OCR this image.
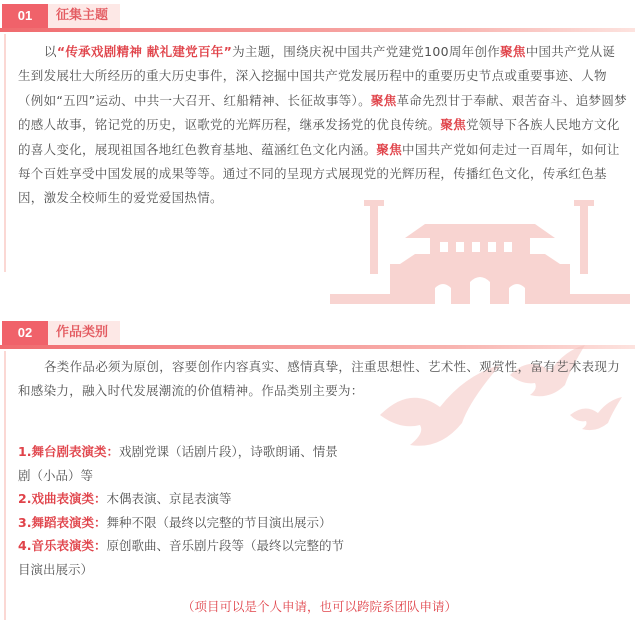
01	征集主题

以“传承戏剧精神 献礼建党百年”为主题，围绕庆祝中国共产党建党100周年创作聚焦中国共产党从诞生到发展壮大所经历的重大历史事件，深入挖掘中国共产党发展历程中的重要历史节点或重要事迹、人物（例如“五四”运动、中共一大召开、红船精神、长征故事等）。聚焦革命先烈甘于奉献、艰苦奋斗、追梦圆梦的感人故事，铭记党的历史，讴歌党的光辉历程，继承发扬党的优良传统。聚焦党领导下各族人民地方文化的喜人变化，展现祖国各地红色教育基地、蕴涵红色文化内涵。聚焦中国共产党如何走过一百周年，如何让每个百姓享受中国发展的成果等等。通过不同的呈现方式展现党的光辉历程，传播红色文化，传承红色基因，激发全校师生的爱党爱国热情。

02	作品类别

各类作品必须为原创，容要创作内容真实、感情真挚，注重思想性、艺术性、观赏性，富有艺术表现力和感染力，融入时代发展潮流的价值精神。作品类别主要为：

1.舞台剧表演类：戏剧党课（话剧片段），诗歌朗诵、情景剧（小品）等
2.戏曲表演类：木偶表演、京昆表演等
3.舞蹈表演类：舞种不限（最终以完整的节目演出展示）
4.音乐表演类：原创歌曲、音乐剧片段等（最终以完整的节目演出展示）
（项目可以是个人申请，也可以跨院系团队申请）
